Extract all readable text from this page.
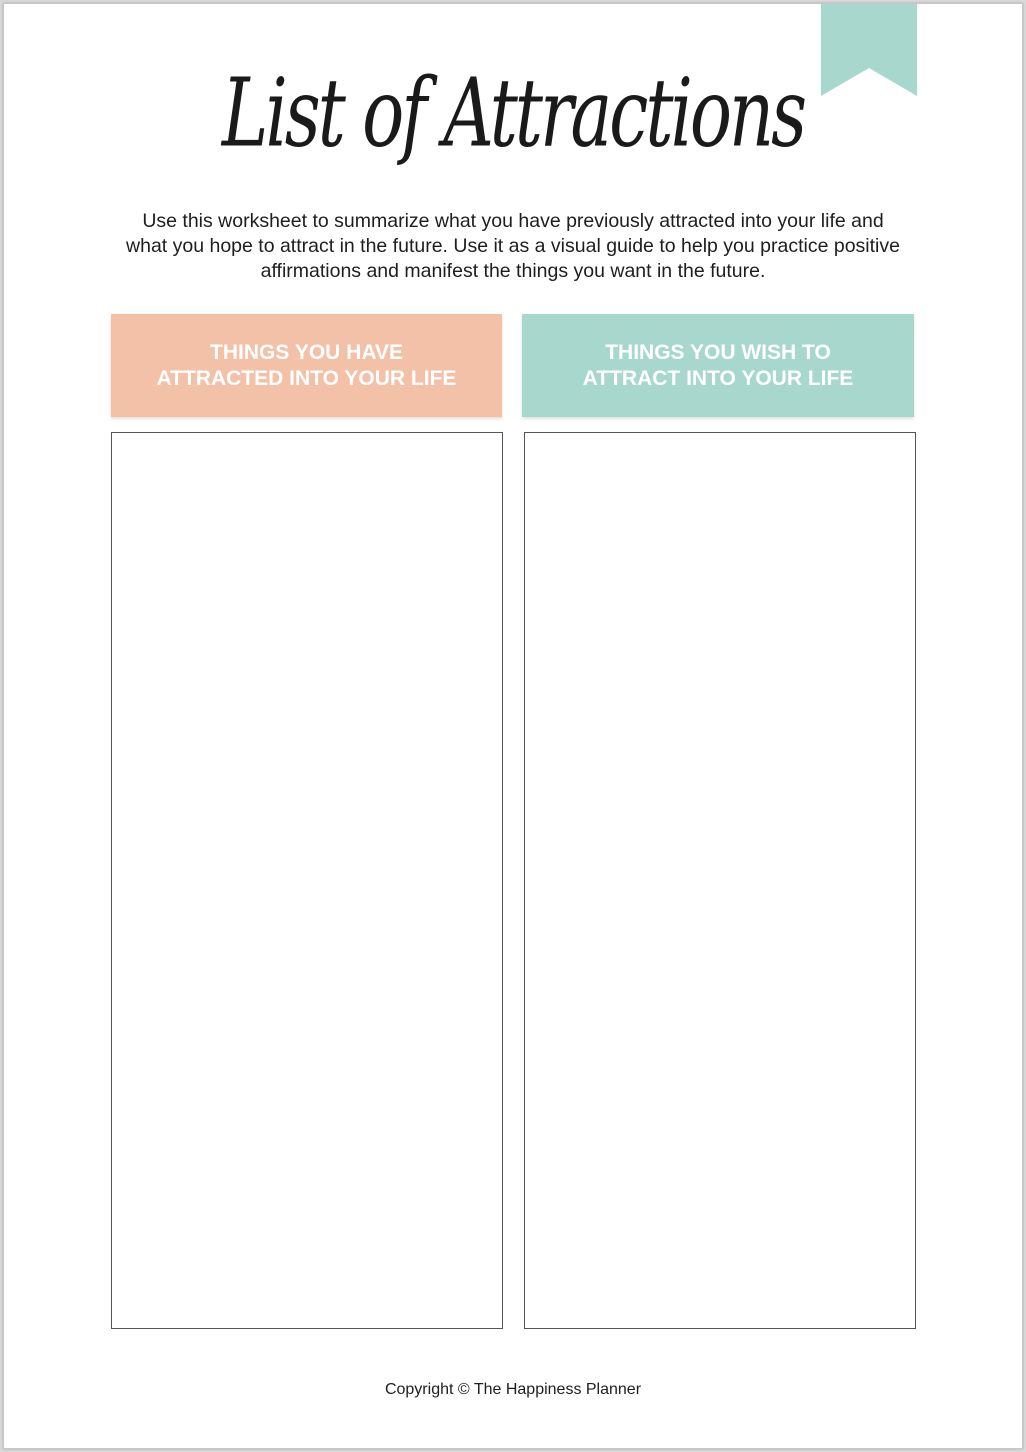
List of Attractions
Use this worksheet to summarize what you have previously attracted into your life and what you hope to attract in the future. Use it as a visual guide to help you practice positive affirmations and manifest the things you want in the future.
THINGS YOU HAVE
ATTRACTED INTO YOUR LIFE
THINGS YOU WISH TO
ATTRACT INTO YOUR LIFE
Copyright © The Happiness Planner
